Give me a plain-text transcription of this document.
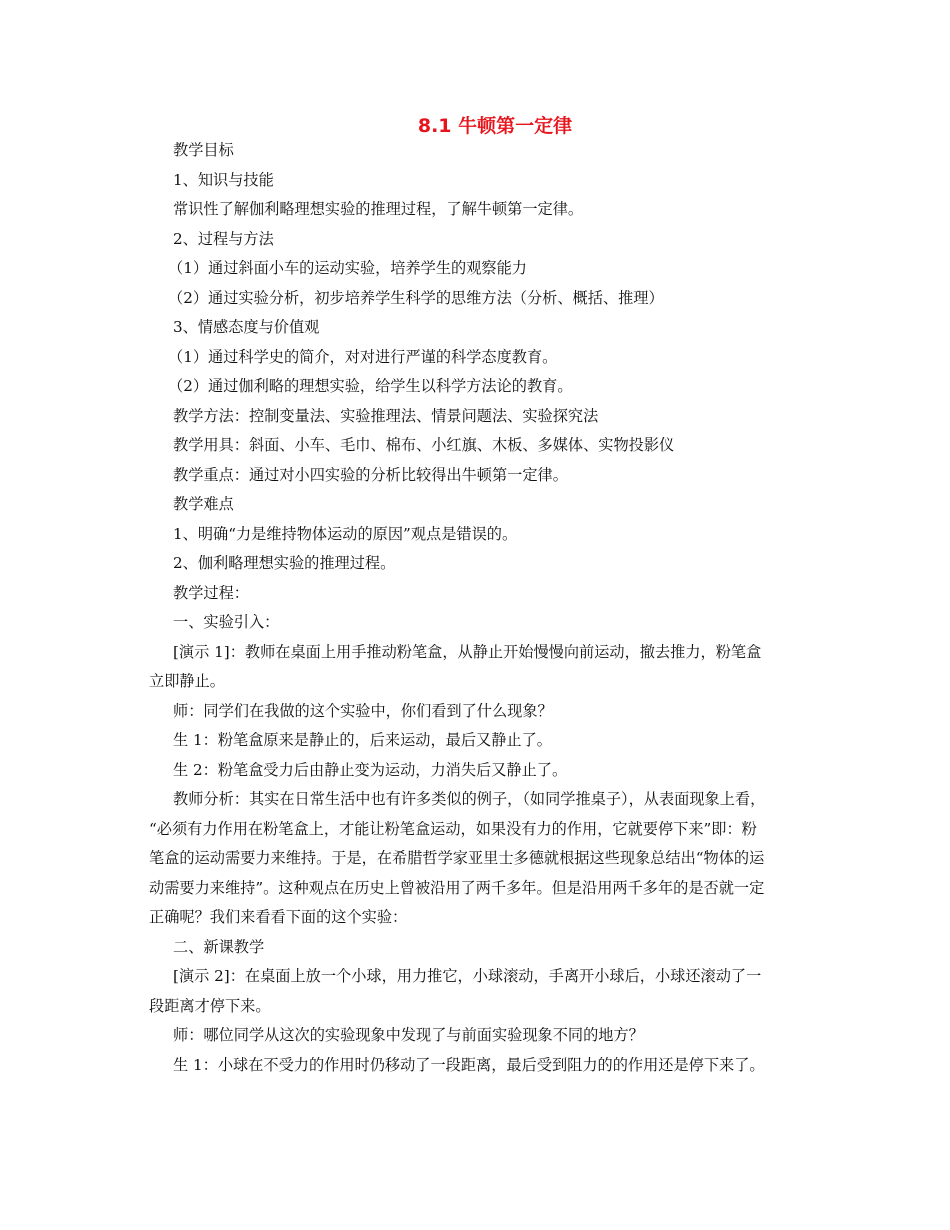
8.1 牛顿第一定律
教学目标
1、知识与技能
常识性了解伽利略理想实验的推理过程，了解牛顿第一定律。
2、过程与方法
（1）通过斜面小车的运动实验，培养学生的观察能力
（2）通过实验分析，初步培养学生科学的思维方法（分析、概括、推理）
3、情感态度与价值观
（1）通过科学史的简介，对对进行严谨的科学态度教育。
（2）通过伽利略的理想实验，给学生以科学方法论的教育。
教学方法：控制变量法、实验推理法、情景问题法、实验探究法
教学用具：斜面、小车、毛巾、棉布、小红旗、木板、多媒体、实物投影仪
教学重点：通过对小四实验的分析比较得出牛顿第一定律。
教学难点
1、明确“力是维持物体运动的原因”观点是错误的。
2、伽利略理想实验的推理过程。
教学过程：
一、实验引入：
[演示 1]：教师在桌面上用手推动粉笔盒，从静止开始慢慢向前运动，撤去推力，粉笔盒
立即静止。
师：同学们在我做的这个实验中，你们看到了什么现象？
生 1：粉笔盒原来是静止的，后来运动，最后又静止了。
生 2：粉笔盒受力后由静止变为运动，力消失后又静止了。
教师分析：其实在日常生活中也有许多类似的例子，（如同学推桌子），从表面现象上看，
“必须有力作用在粉笔盒上，才能让粉笔盒运动，如果没有力的作用，它就要停下来”即：粉
笔盒的运动需要力来维持。于是，在希腊哲学家亚里士多德就根据这些现象总结出“物体的运
动需要力来维持”。这种观点在历史上曾被沿用了两千多年。但是沿用两千多年的是否就一定
正确呢？我们来看看下面的这个实验：
二、新课教学
[演示 2]：在桌面上放一个小球，用力推它，小球滚动，手离开小球后，小球还滚动了一
段距离才停下来。
师：哪位同学从这次的实验现象中发现了与前面实验现象不同的地方？
生 1：小球在不受力的作用时仍移动了一段距离，最后受到阻力的的作用还是停下来了。
